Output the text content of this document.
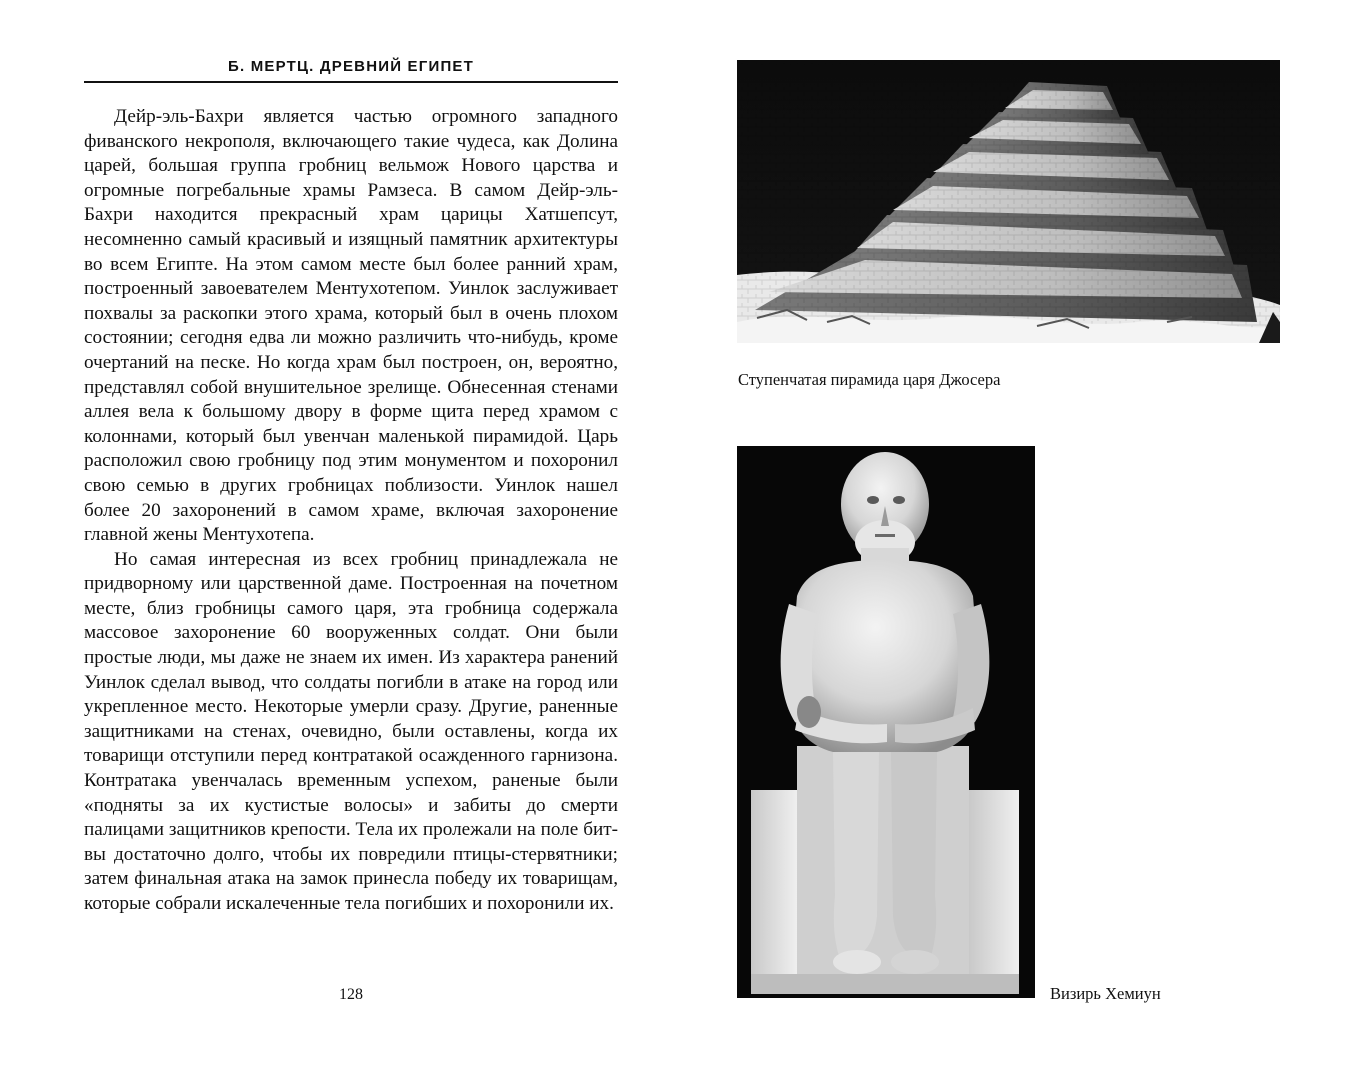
Б. МЕРТЦ. ДРЕВНИЙ ЕГИПЕТ

Дейр-эль-Бахри является частью огромного западного фиванского некрополя, включающего такие чудеса, как Долина царей, большая группа гробниц вельмож Нового царства и огромные погребальные храмы Рамзеса. В самом Дейр-эль-Бахри находится прекрасный храм царицы Хатшепсут, несомненно самый красивый и изящный памятник архитектуры во всем Египте. На этом самом месте был более ранний храм, построенный завоевателем Ментухотепом. Уинлок заслуживает похвалы за раскопки этого храма, который был в очень плохом состоянии; сегодня едва ли можно различить что-нибудь, кроме очертаний на песке. Но когда храм был построен, он, вероятно, представлял собой внушительное зрелище. Обнесенная стенами аллея вела к большому двору в форме щита перед храмом с колоннами, который был увенчан маленькой пирамидой. Царь расположил свою гробницу под этим монументом и похоронил свою семью в других гробницах поблизости. Уинлок нашел более 20 захоронений в самом храме, включая захоронение главной жены Ментухотепа.

Но самая интересная из всех гробниц принадлежала не придворному или царственной даме. Построенная на почетном месте, близ гробницы самого царя, эта гробница содержала массовое захоронение 60 вооруженных солдат. Они были простые люди, мы даже не знаем их имен. Из характера ранений Уинлок сделал вывод, что солдаты погибли в атаке на город или укрепленное место. Некоторые умерли сразу. Другие, раненные защитниками на стенах, очевидно, были оставлены, когда их товарищи отступили перед контратакой осажденного гарнизона. Контратака увенчалась временным успехом, раненые были «подняты за их кустистые волосы» и забиты до смерти палицами защитников крепости. Тела их пролежали на поле битвы достаточно долго, чтобы их повредили птицы-стервятники; затем финальная атака на замок принесла победу их товарищам, которые собрали искалеченные тела погибших и похоронили их.

128
Ступенчатая пирамида царя Джосера
Визирь Хемиун
